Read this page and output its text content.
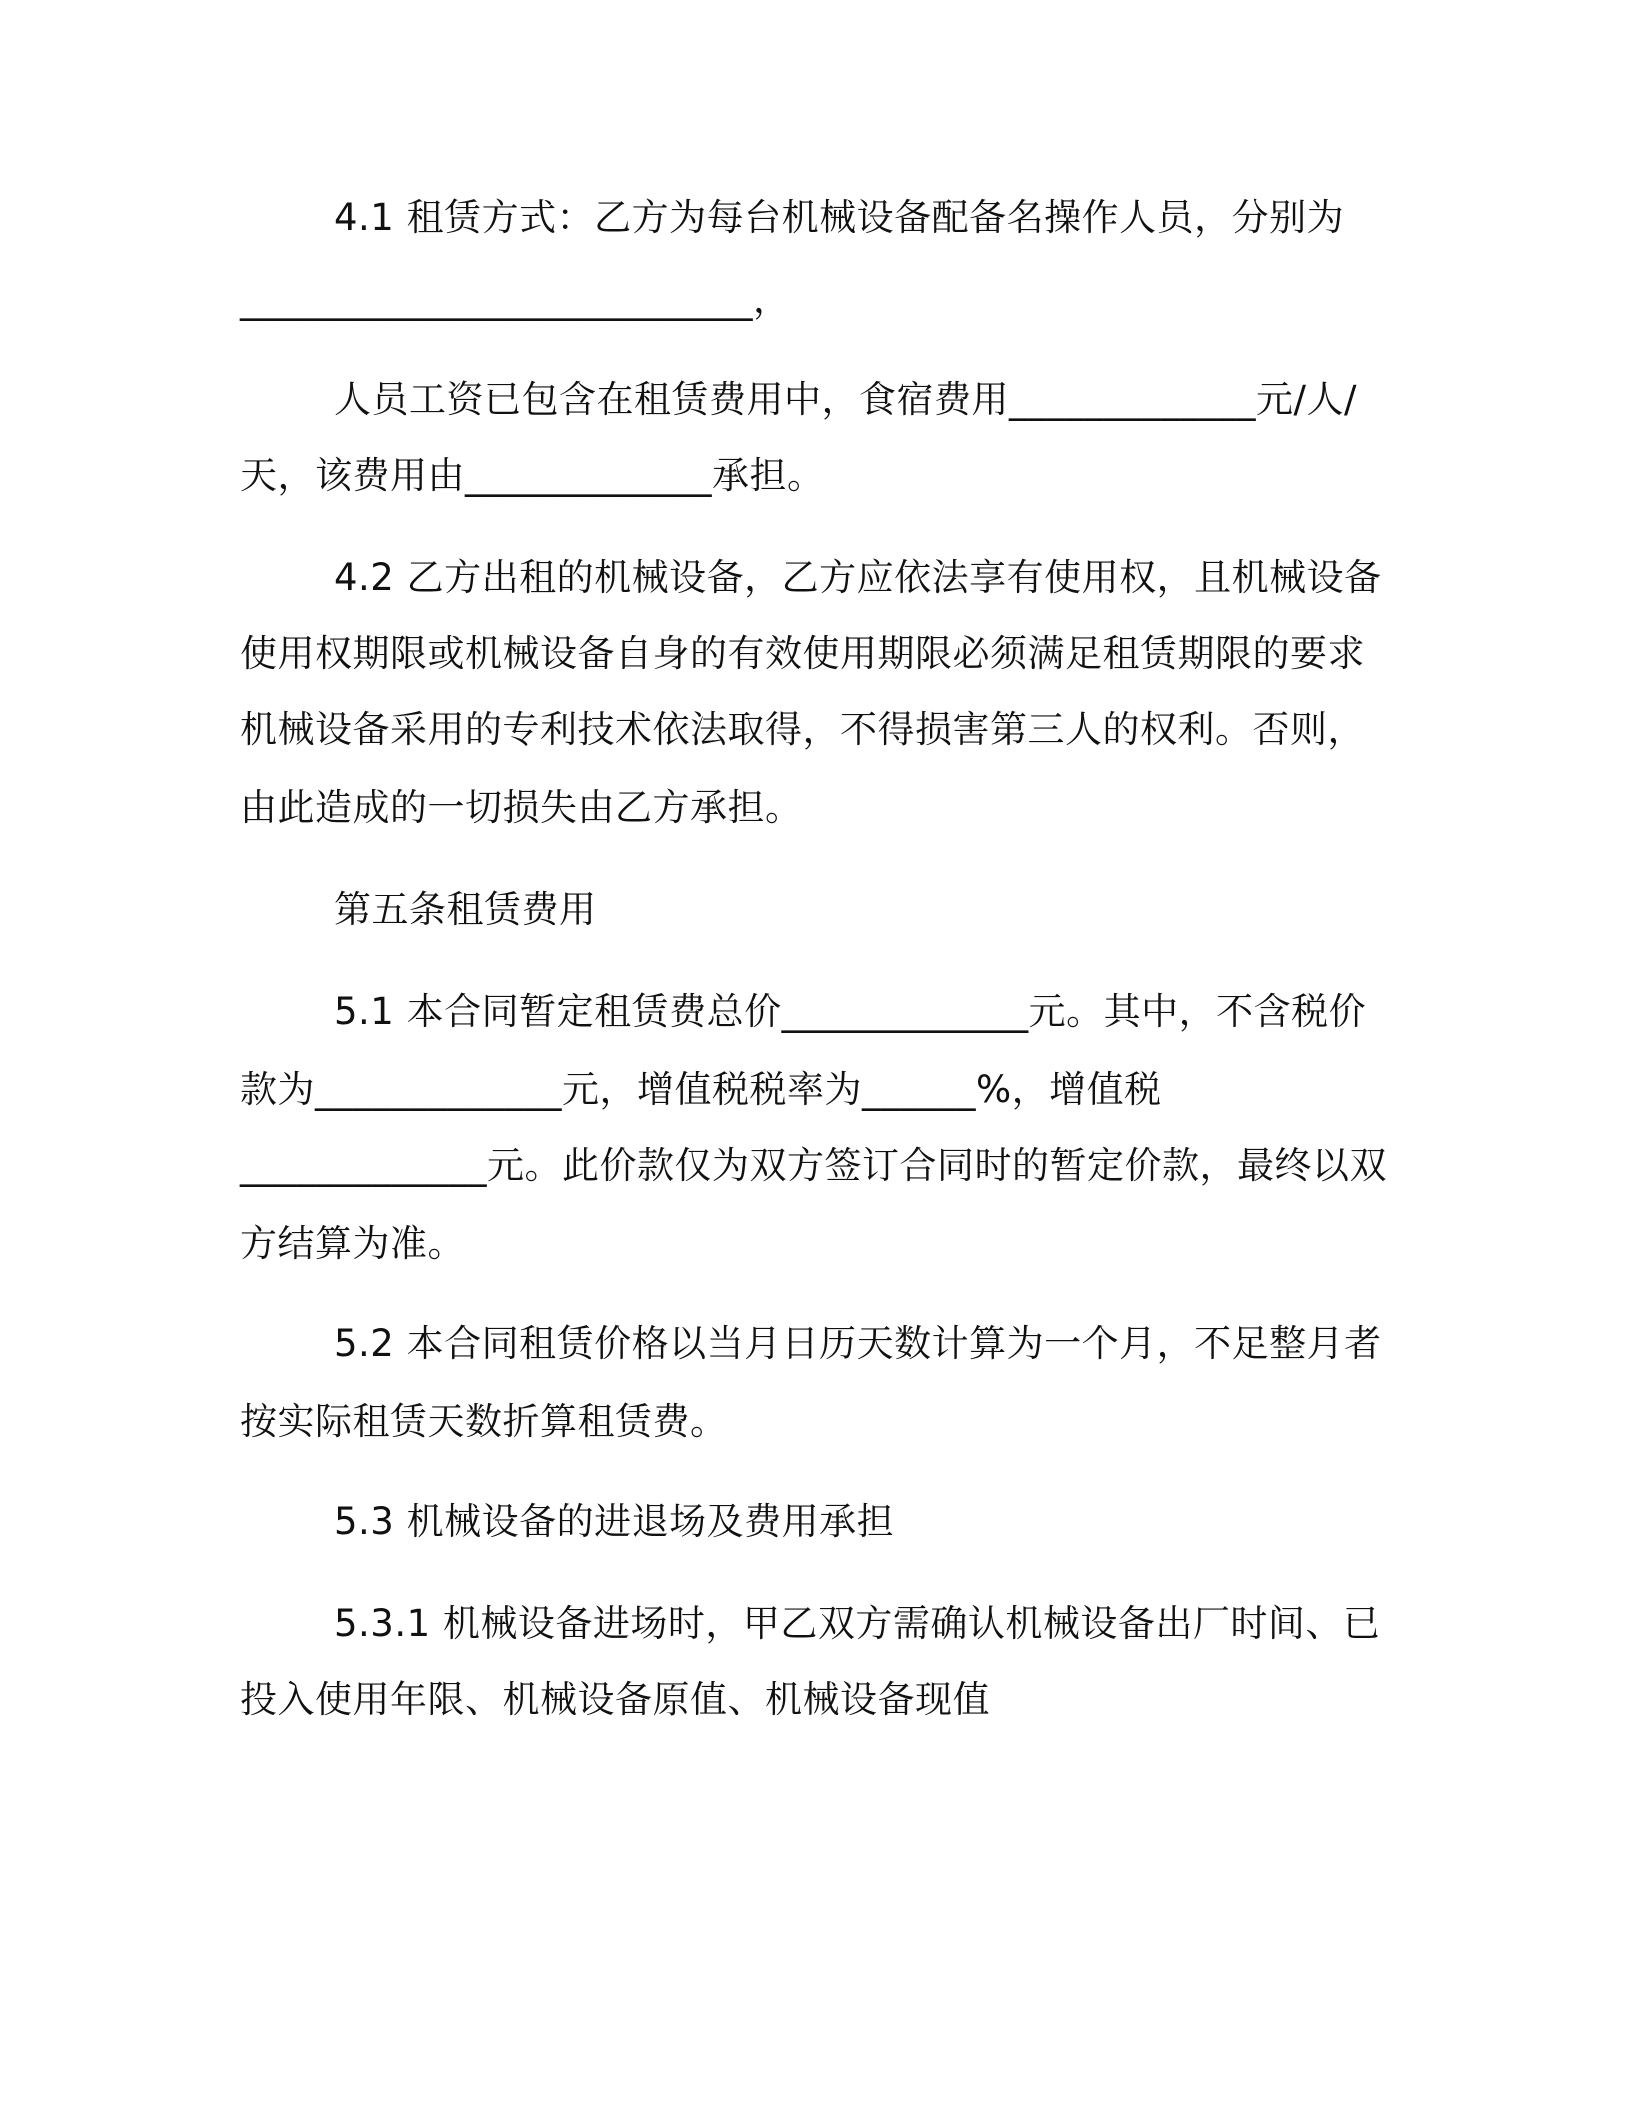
4.1 租赁方式：乙方为每台机械设备配备名操作人员，分别为
___________________________，
人员工资已包含在租赁费用中，食宿费用_____________元/人/
天，该费用由_____________承担。
4.2 乙方出租的机械设备，乙方应依法享有使用权，且机械设备
使用权期限或机械设备自身的有效使用期限必须满足租赁期限的要求
机械设备采用的专利技术依法取得，不得损害第三人的权利。否则，
由此造成的一切损失由乙方承担。
第五条租赁费用
5.1 本合同暂定租赁费总价_____________元。其中，不含税价
款为_____________元，增值税税率为______%，增值税
_____________元。此价款仅为双方签订合同时的暂定价款，最终以双
方结算为准。
5.2 本合同租赁价格以当月日历天数计算为一个月，不足整月者
按实际租赁天数折算租赁费。
5.3 机械设备的进退场及费用承担
5.3.1 机械设备进场时，甲乙双方需确认机械设备出厂时间、已
投入使用年限、机械设备原值、机械设备现值
